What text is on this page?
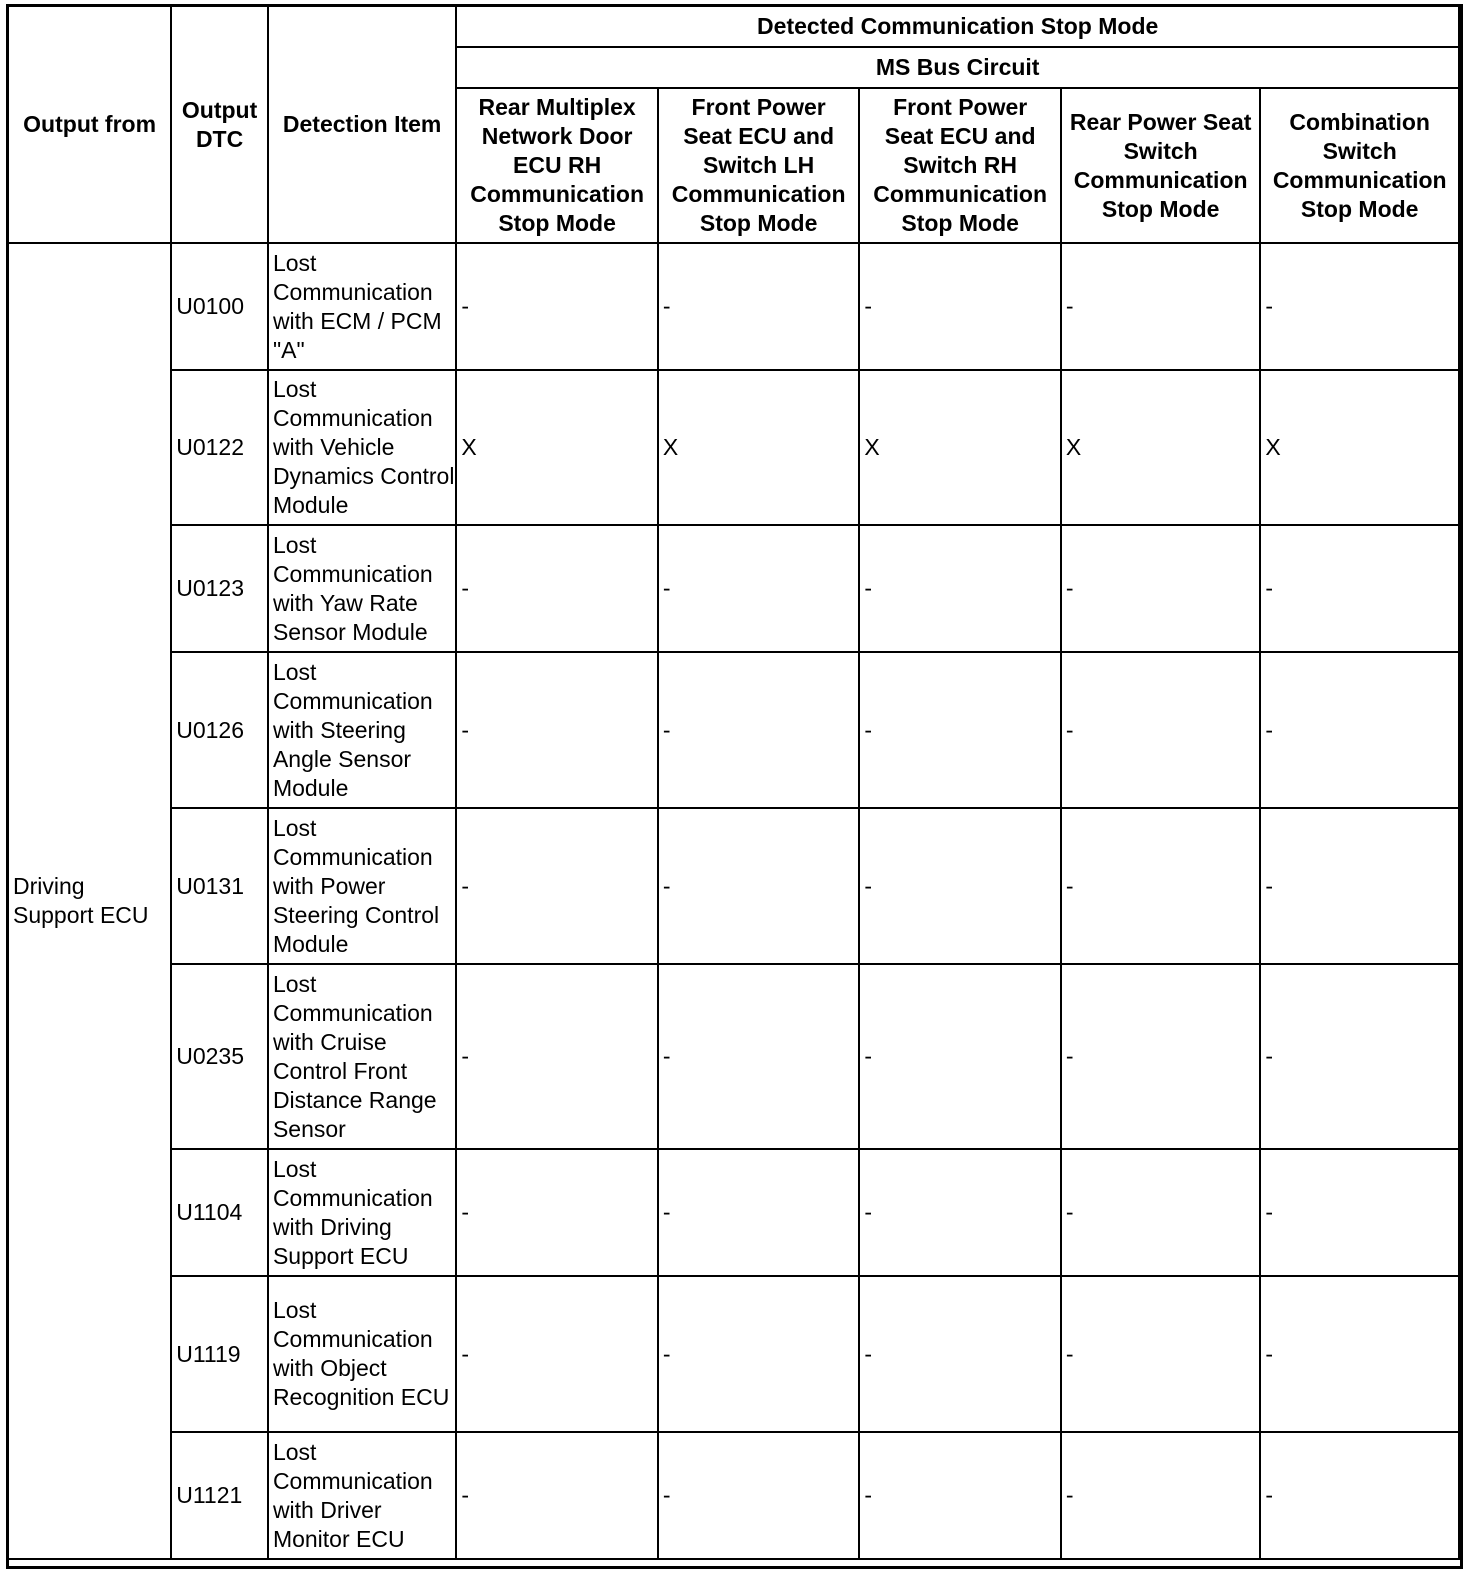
Output from	Output DTC	Detection Item	Detected Communication Stop Mode				
			MS Bus Circuit				
			Rear Multiplex Network Door ECU RH Communication Stop Mode	Front Power Seat ECU and Switch LH Communication Stop Mode	Front Power Seat ECU and Switch RH Communication Stop Mode	Rear Power Seat Switch Communication Stop Mode	Combination Switch Communication Stop Mode
Driving Support ECU	U0100	Lost Communication with ECM / PCM "A"	-	-	-	-	-
	U0122	Lost Communication with Vehicle Dynamics Control Module	X	X	X	X	X
	U0123	Lost Communication with Yaw Rate Sensor Module	-	-	-	-	-
	U0126	Lost Communication with Steering Angle Sensor Module	-	-	-	-	-
	U0131	Lost Communication with Power Steering Control Module	-	-	-	-	-
	U0235	Lost Communication with Cruise Control Front Distance Range Sensor	-	-	-	-	-
	U1104	Lost Communication with Driving Support ECU	-	-	-	-	-
	U1119	Lost Communication with Object Recognition ECU	-	-	-	-	-
	U1121	Lost Communication with Driver Monitor ECU	-	-	-	-	-
